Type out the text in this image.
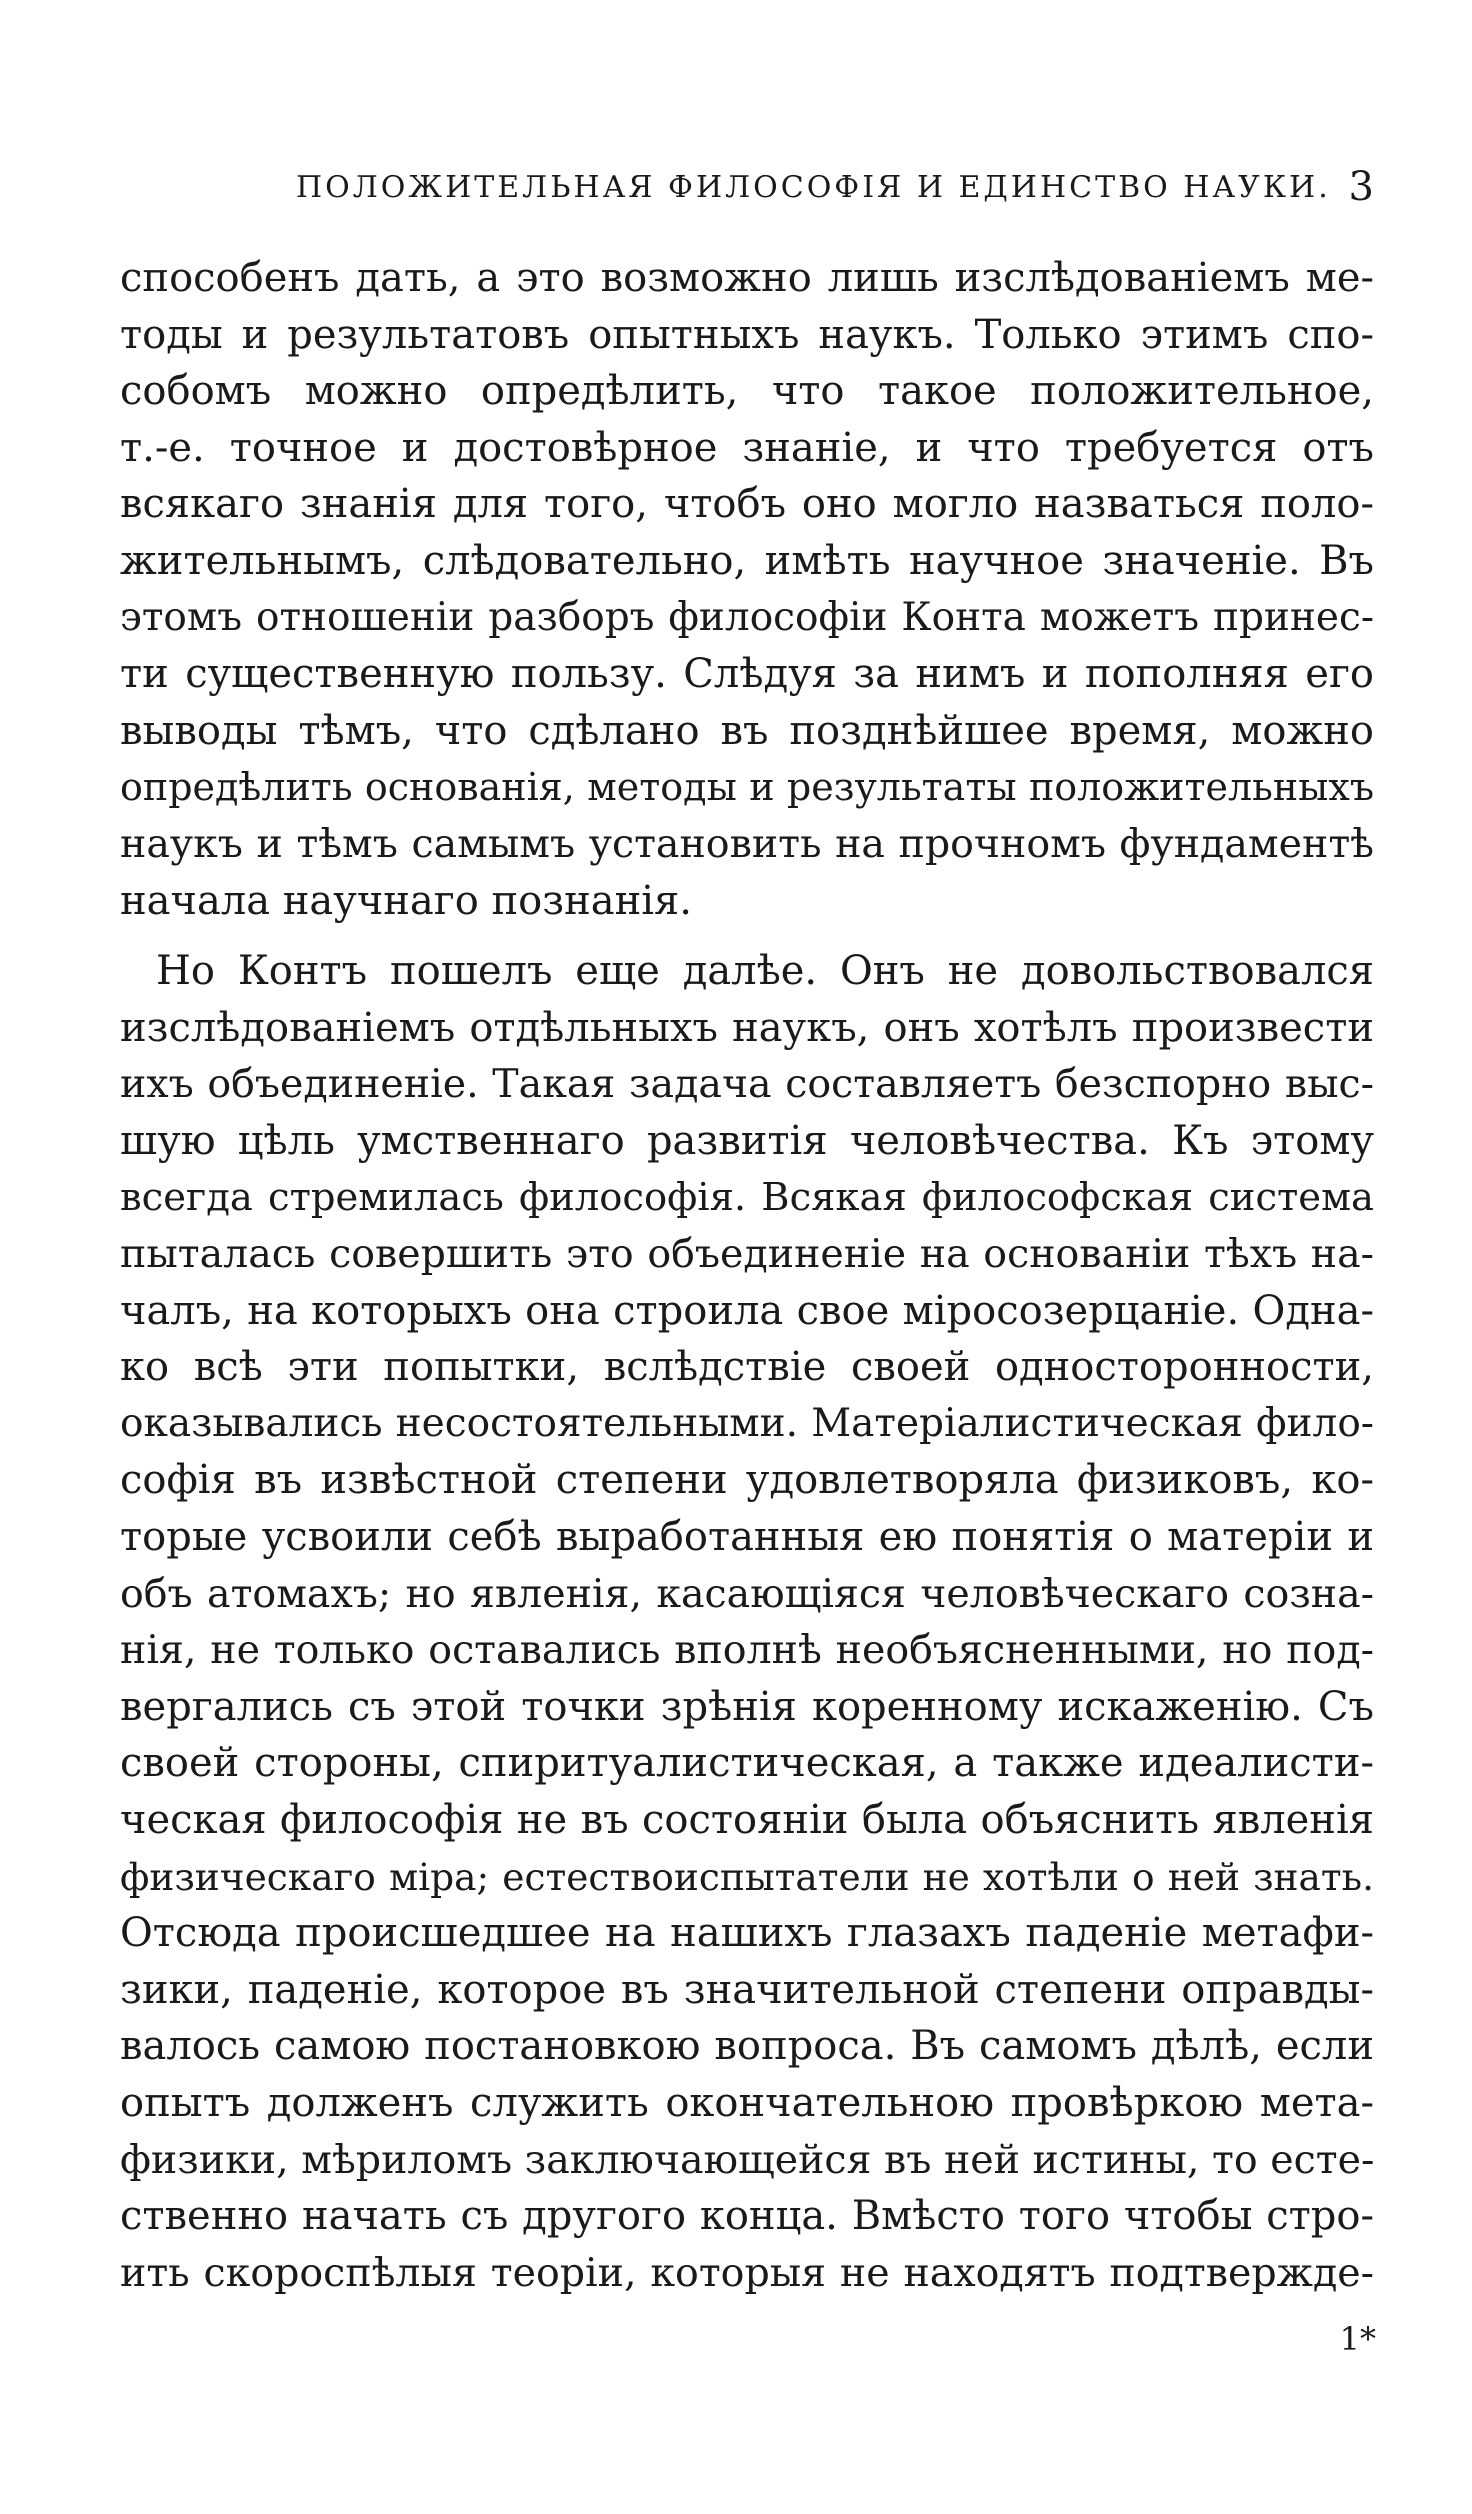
ПОЛОЖИТЕЛЬНАЯ ФИЛОСОФІЯ И ЕДИНСТВО НАУКИ. 3
способенъ дать, а это возможно лишь изслѣдованіемъ ме-
тоды и результатовъ опытныхъ наукъ. Только этимъ спо-
собомъ можно опредѣлить, что такое положительное,
т.-е. точное и достовѣрное знаніе, и что требуется отъ
всякаго знанія для того, чтобъ оно могло назваться поло-
жительнымъ, слѣдовательно, имѣть научное значеніе. Въ
этомъ отношеніи разборъ философіи Конта можетъ принес-
ти существенную пользу. Слѣдуя за нимъ и пополняя его
выводы тѣмъ, что сдѣлано въ позднѣйшее время, можно
опредѣлить основанія, методы и результаты положительныхъ
наукъ и тѣмъ самымъ установить на прочномъ фундаментѣ
начала научнаго познанія.
Но Контъ пошелъ еще далѣе. Онъ не довольствовался
изслѣдованіемъ отдѣльныхъ наукъ, онъ хотѣлъ произвести
ихъ объединеніе. Такая задача составляетъ безспорно выс-
шую цѣль умственнаго развитія человѣчества. Къ этому
всегда стремилась философія. Всякая философская система
пыталась совершить это объединеніе на основаніи тѣхъ на-
чалъ, на которыхъ она строила свое міросозерцаніе. Одна-
ко всѣ эти попытки, вслѣдствіе своей односторонности,
оказывались несостоятельными. Матеріалистическая фило-
софія въ извѣстной степени удовлетворяла физиковъ, ко-
торые усвоили себѣ выработанныя ею понятія о матеріи и
объ атомахъ; но явленія, касающіяся человѣческаго созна-
нія, не только оставались вполнѣ необъясненными, но под-
вергались съ этой точки зрѣнія коренному искаженію. Съ
своей стороны, спиритуалистическая, а также идеалисти-
ческая философія не въ состояніи была объяснить явленія
физическаго міра; естествоиспытатели не хотѣли о ней знать.
Отсюда происшедшее на нашихъ глазахъ паденіе метафи-
зики, паденіе, которое въ значительной степени оправды-
валось самою постановкою вопроса. Въ самомъ дѣлѣ, если
опытъ долженъ служить окончательною провѣркою мета-
физики, мѣриломъ заключающейся въ ней истины, то есте-
ственно начать съ другого конца. Вмѣсто того чтобы стро-
ить скороспѣлыя теоріи, которыя не находятъ подтвержде-
1*
